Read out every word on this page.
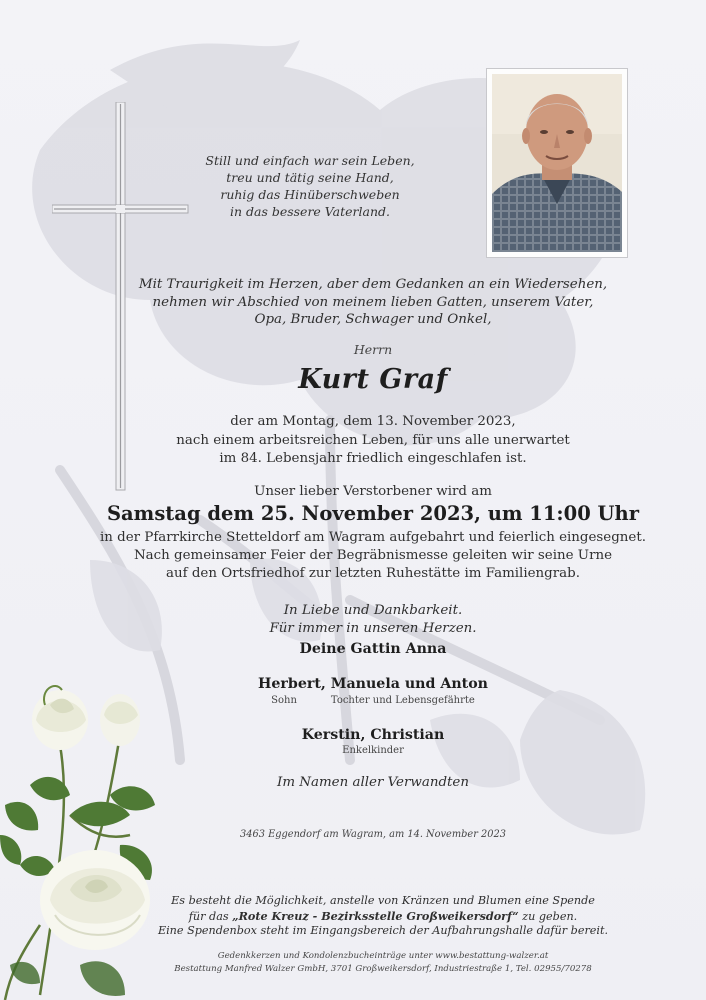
Still und einfach war sein Leben,
treu und tätig seine Hand,
ruhig das Hinüberschweben
in das bessere Vaterland.
Mit Traurigkeit im Herzen, aber dem Gedanken an ein Wiedersehen,
nehmen wir Abschied von meinem lieben Gatten, unserem Vater,
Opa, Bruder, Schwager und Onkel,
Herrn
Kurt Graf
der am Montag, dem 13. November 2023,
nach einem arbeitsreichen Leben, für uns alle unerwartet
im 84. Lebensjahr friedlich eingeschlafen ist.
Unser lieber Verstorbener wird am
Samstag dem 25. November 2023, um 11:00 Uhr
in der Pfarrkirche Stetteldorf am Wagram aufgebahrt und feierlich eingesegnet.
Nach gemeinsamer Feier der Begräbnismesse geleiten wir seine Urne
auf den Ortsfriedhof zur letzten Ruhestätte im Familiengrab.
In Liebe und Dankbarkeit.
Für immer in unseren Herzen.
Deine Gattin Anna
Herbert, Manuela und Anton
Sohn	Tochter und Lebensgefährte
Kerstin, Christian
Enkelkinder
Im Namen aller Verwandten
3463 Eggendorf am Wagram, am 14. November 2023
Es besteht die Möglichkeit, anstelle von Kränzen und Blumen eine Spende
für das „Rote Kreuz - Bezirksstelle Großweikersdorf“ zu geben.
Eine Spendenbox steht im Eingangsbereich der Aufbahrungshalle dafür bereit.
Gedenkkerzen und Kondolenzbucheinträge unter www.bestattung-walzer.at
Bestattung Manfred Walzer GmbH, 3701 Großweikersdorf, Industriestraße 1, Tel. 02955/70278
